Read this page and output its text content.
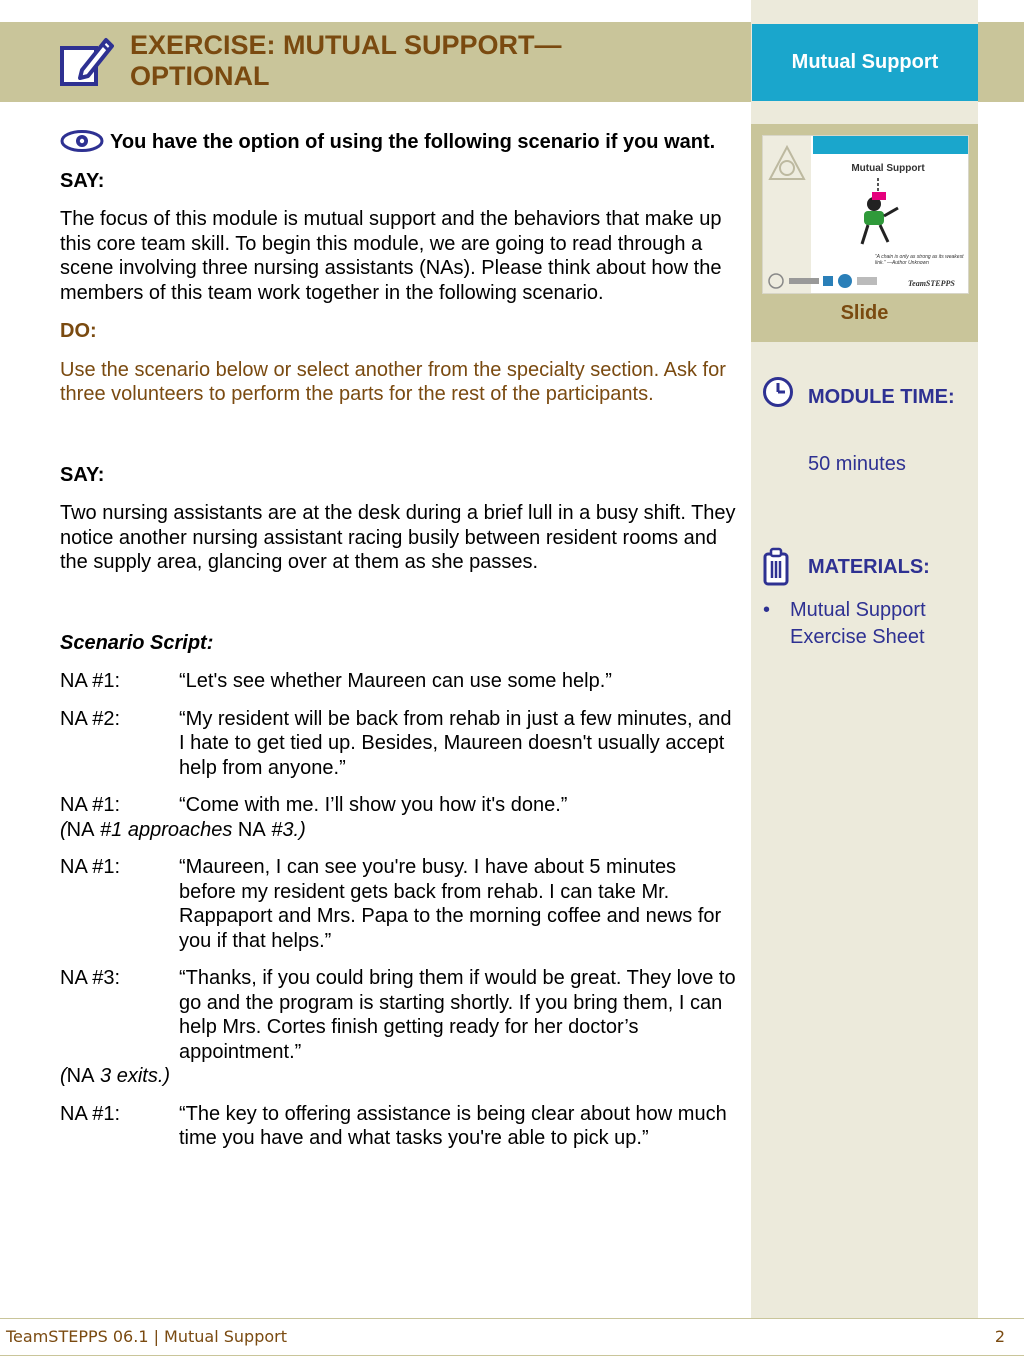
Mutual Support
EXERCISE: MUTUAL SUPPORT—
OPTIONAL

You have the option of using the following scenario if you want.

SAY:

The focus of this module is mutual support and the behaviors that make up this core team skill. To begin this module, we are going to read through a scene involving three nursing assistants (NAs). Please think about how the members of this team work together in the following scenario.

DO:

Use the scenario below or select another from the specialty section. Ask for three volunteers to perform the parts for the rest of the participants.

SAY:

Two nursing assistants are at the desk during a brief lull in a busy shift. They notice another nursing assistant racing busily between resident rooms and the supply area, glancing over at them as she passes.

Scenario Script:

NA #1:	“Let's see whether Maureen can use some help.”
NA #2:	“My resident will be back from rehab in just a few minutes, and I hate to get tied up. Besides, Maureen doesn't usually accept help from anyone.”
NA #1:	“Come with me. I’ll show you how it's done.”

(NA #1 approaches NA #3.)

NA #1:	“Maureen, I can see you're busy. I have about 5 minutes before my resident gets back from rehab. I can take Mr. Rappaport and Mrs. Papa to the morning coffee and news for you if that helps.”
NA #3:	“Thanks, if you could bring them if would be great. They love to go and the program is starting shortly. If you bring them, I can help Mrs. Cortes finish getting ready for her doctor’s appointment.”

(NA 3 exits.)

NA #1:	“The key to offering assistance is being clear about how much time you have and what tasks you're able to pick up.”
Mutual Support
“A chain is only as strong as its weakest link.” —Author Unknown
TeamSTEPPS
Slide
MODULE TIME:
50 minutes
MATERIALS:
• Mutual Support Exercise Sheet
TeamSTEPPS 06.1 | Mutual Support	2
